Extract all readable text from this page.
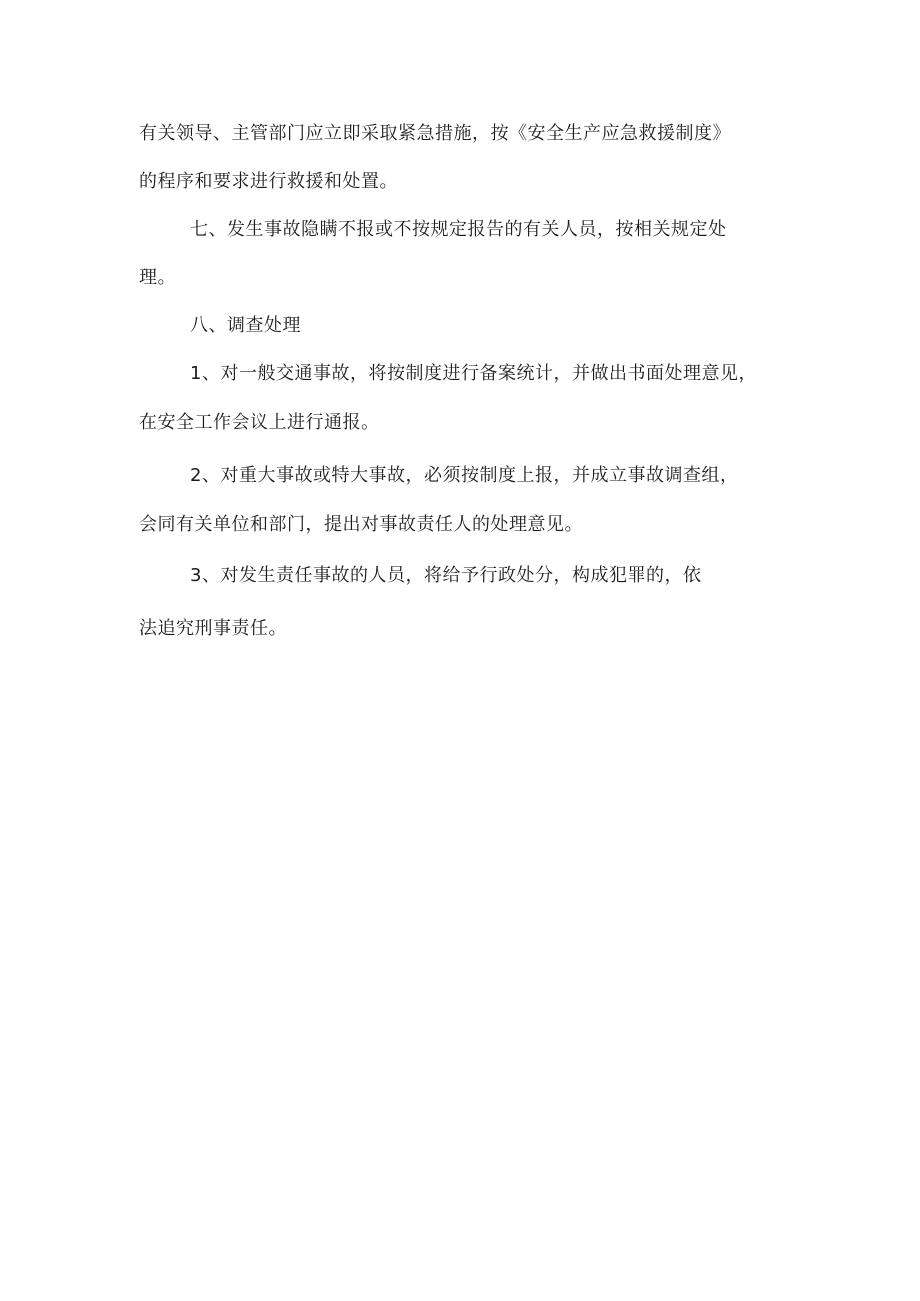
有关领导、主管部门应立即采取紧急措施，按《安全生产应急救援制度》
的程序和要求进行救援和处置。
七、发生事故隐瞒不报或不按规定报告的有关人员，按相关规定处
理。
八、调查处理
1、对一般交通事故，将按制度进行备案统计，并做出书面处理意见，
在安全工作会议上进行通报。
2、对重大事故或特大事故，必须按制度上报，并成立事故调查组，
会同有关单位和部门，提出对事故责任人的处理意见。
3、对发生责任事故的人员，将给予行政处分，构成犯罪的，依
法追究刑事责任。
